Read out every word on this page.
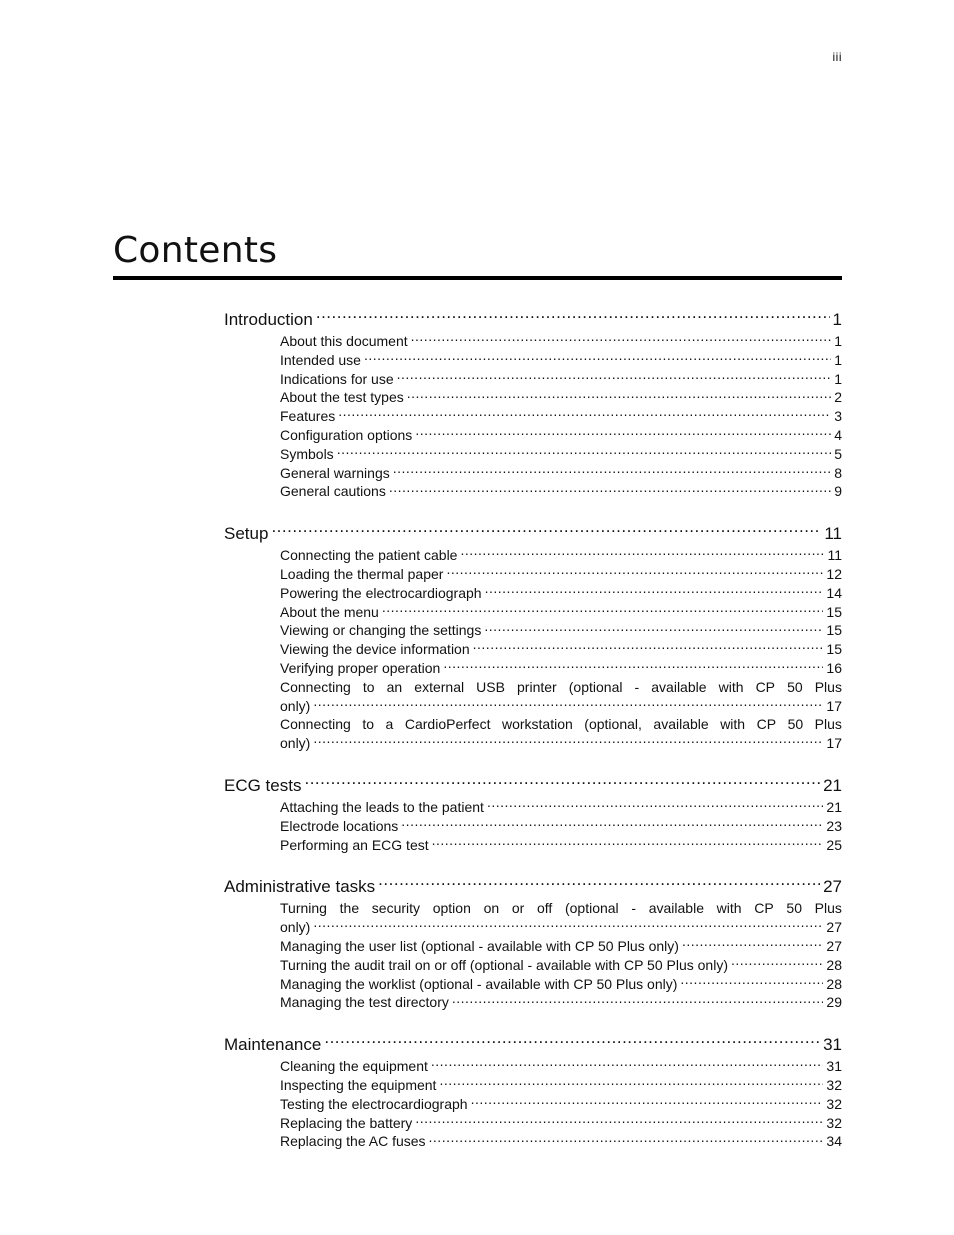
iii
Contents
Introduction .....	1
About this document .....	1
Intended use .....	1
Indications for use .....	1
About the test types .....	2
Features .....	3
Configuration options .....	4
Symbols .....	5
General warnings .....	8
General cautions .....	9
Setup .....	11
Connecting the patient cable .....	11
Loading the thermal paper .....	12
Powering the electrocardiograph .....	14
About the menu .....	15
Viewing or changing the settings .....	15
Viewing the device information .....	15
Verifying proper operation .....	16
Connecting to an external USB printer (optional - available with CP 50 Plus
only) .....	17
Connecting to a CardioPerfect workstation (optional, available with CP 50 Plus
only) .....	17
ECG tests .....	21
Attaching the leads to the patient .....	21
Electrode locations .....	23
Performing an ECG test .....	25
Administrative tasks .....	27
Turning the security option on or off (optional - available with CP 50 Plus
only) .....	27
Managing the user list (optional - available with CP 50 Plus only) .....	27
Turning the audit trail on or off (optional - available with CP 50 Plus only) .....	28
Managing the worklist (optional - available with CP 50 Plus only) .....	28
Managing the test directory .....	29
Maintenance .....	31
Cleaning the equipment .....	31
Inspecting the equipment .....	32
Testing the electrocardiograph .....	32
Replacing the battery .....	32
Replacing the AC fuses .....	34
